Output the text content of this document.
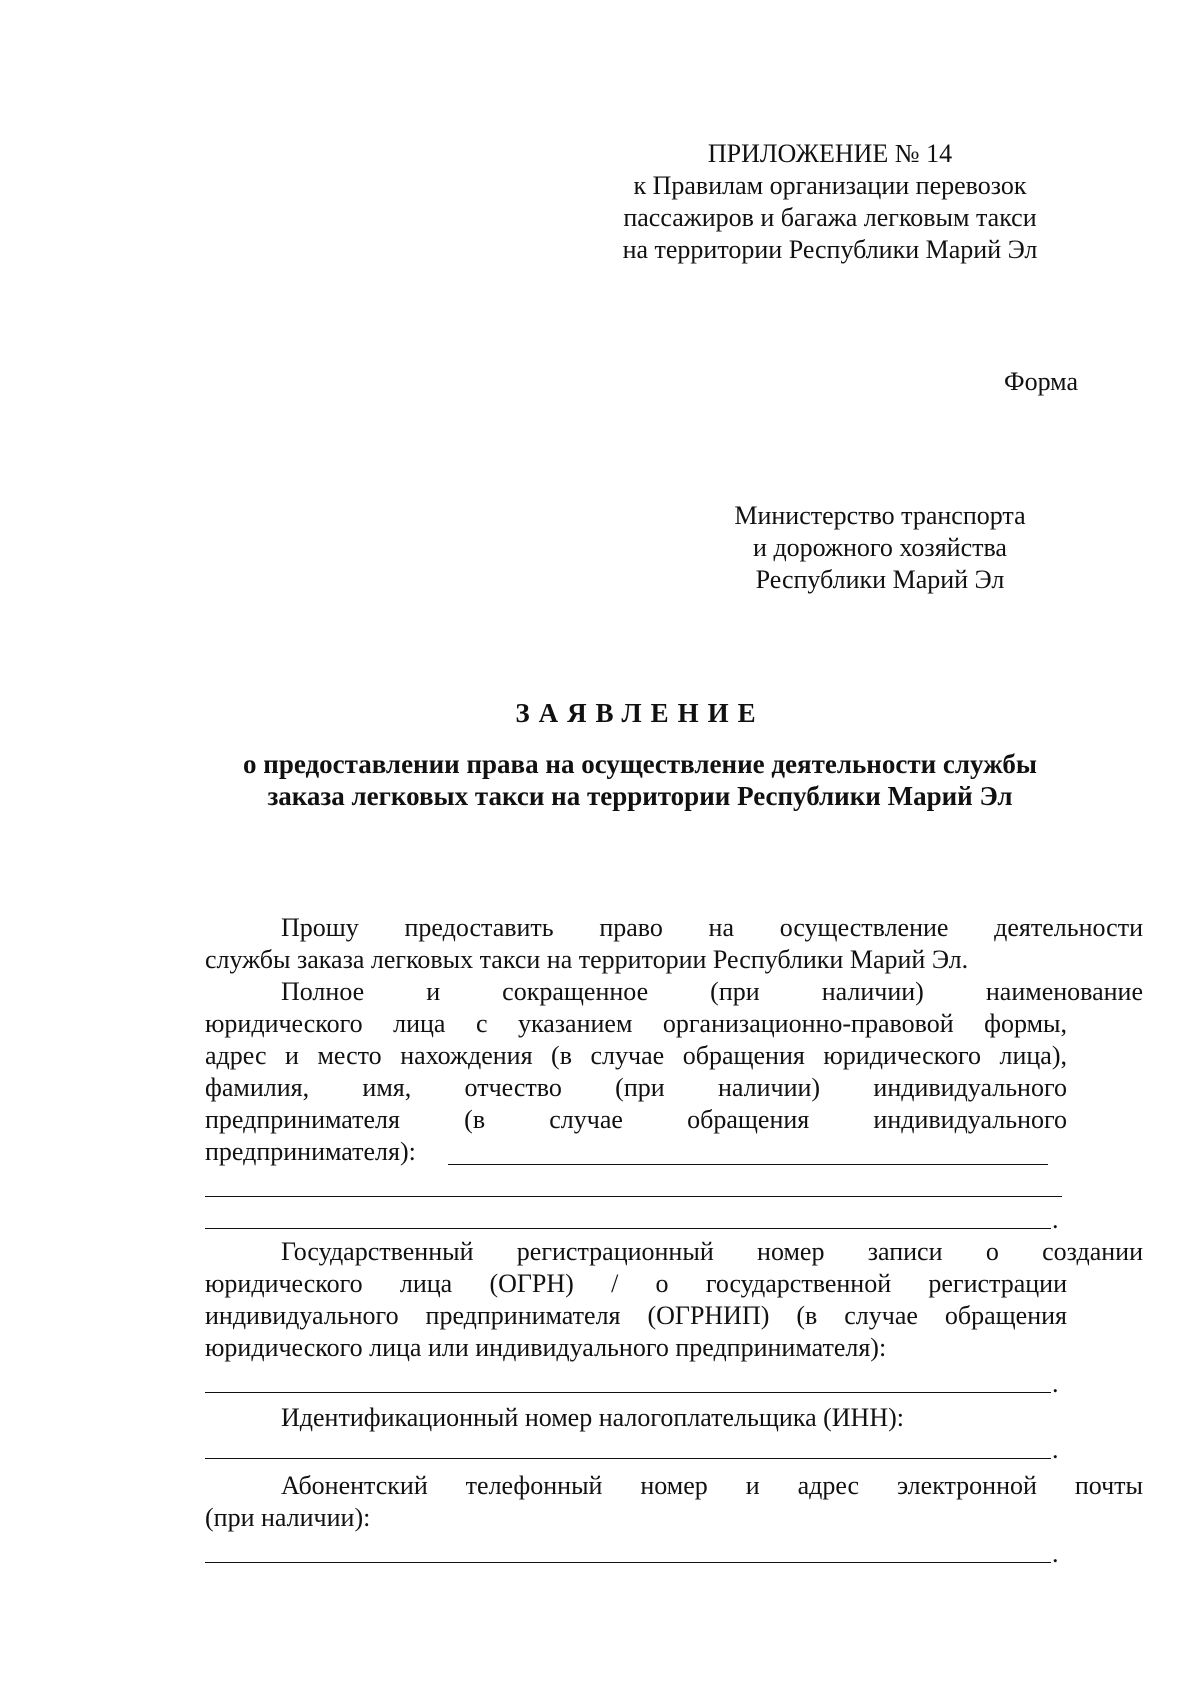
ПРИЛОЖЕНИЕ № 14
к Правилам организации перевозок
пассажиров и багажа легковым такси
на территории Республики Марий Эл
Форма
Министерство транспорта
и дорожного хозяйства
Республики Марий Эл
ЗАЯВЛЕНИЕ
о предоставлении права на осуществление деятельности службы
заказа легковых такси на территории Республики Марий Эл
Прошу предоставить право на осуществление деятельности
службы заказа легковых такси на территории Республики Марий Эл.
Полное и сокращенное (при наличии) наименование
юридического лица с указанием организационно-правовой формы,
адрес и место нахождения (в случае обращения юридического лица),
фамилия, имя, отчество (при наличии) индивидуального
предпринимателя (в случае обращения индивидуального
предпринимателя):
.
Государственный регистрационный номер записи о создании
юридического лица (ОГРН) / о государственной регистрации
индивидуального предпринимателя (ОГРНИП) (в случае обращения
юридического лица или индивидуального предпринимателя):
.
Идентификационный номер налогоплательщика (ИНН):
.
Абонентский телефонный номер и адрес электронной почты
(при наличии):
.
